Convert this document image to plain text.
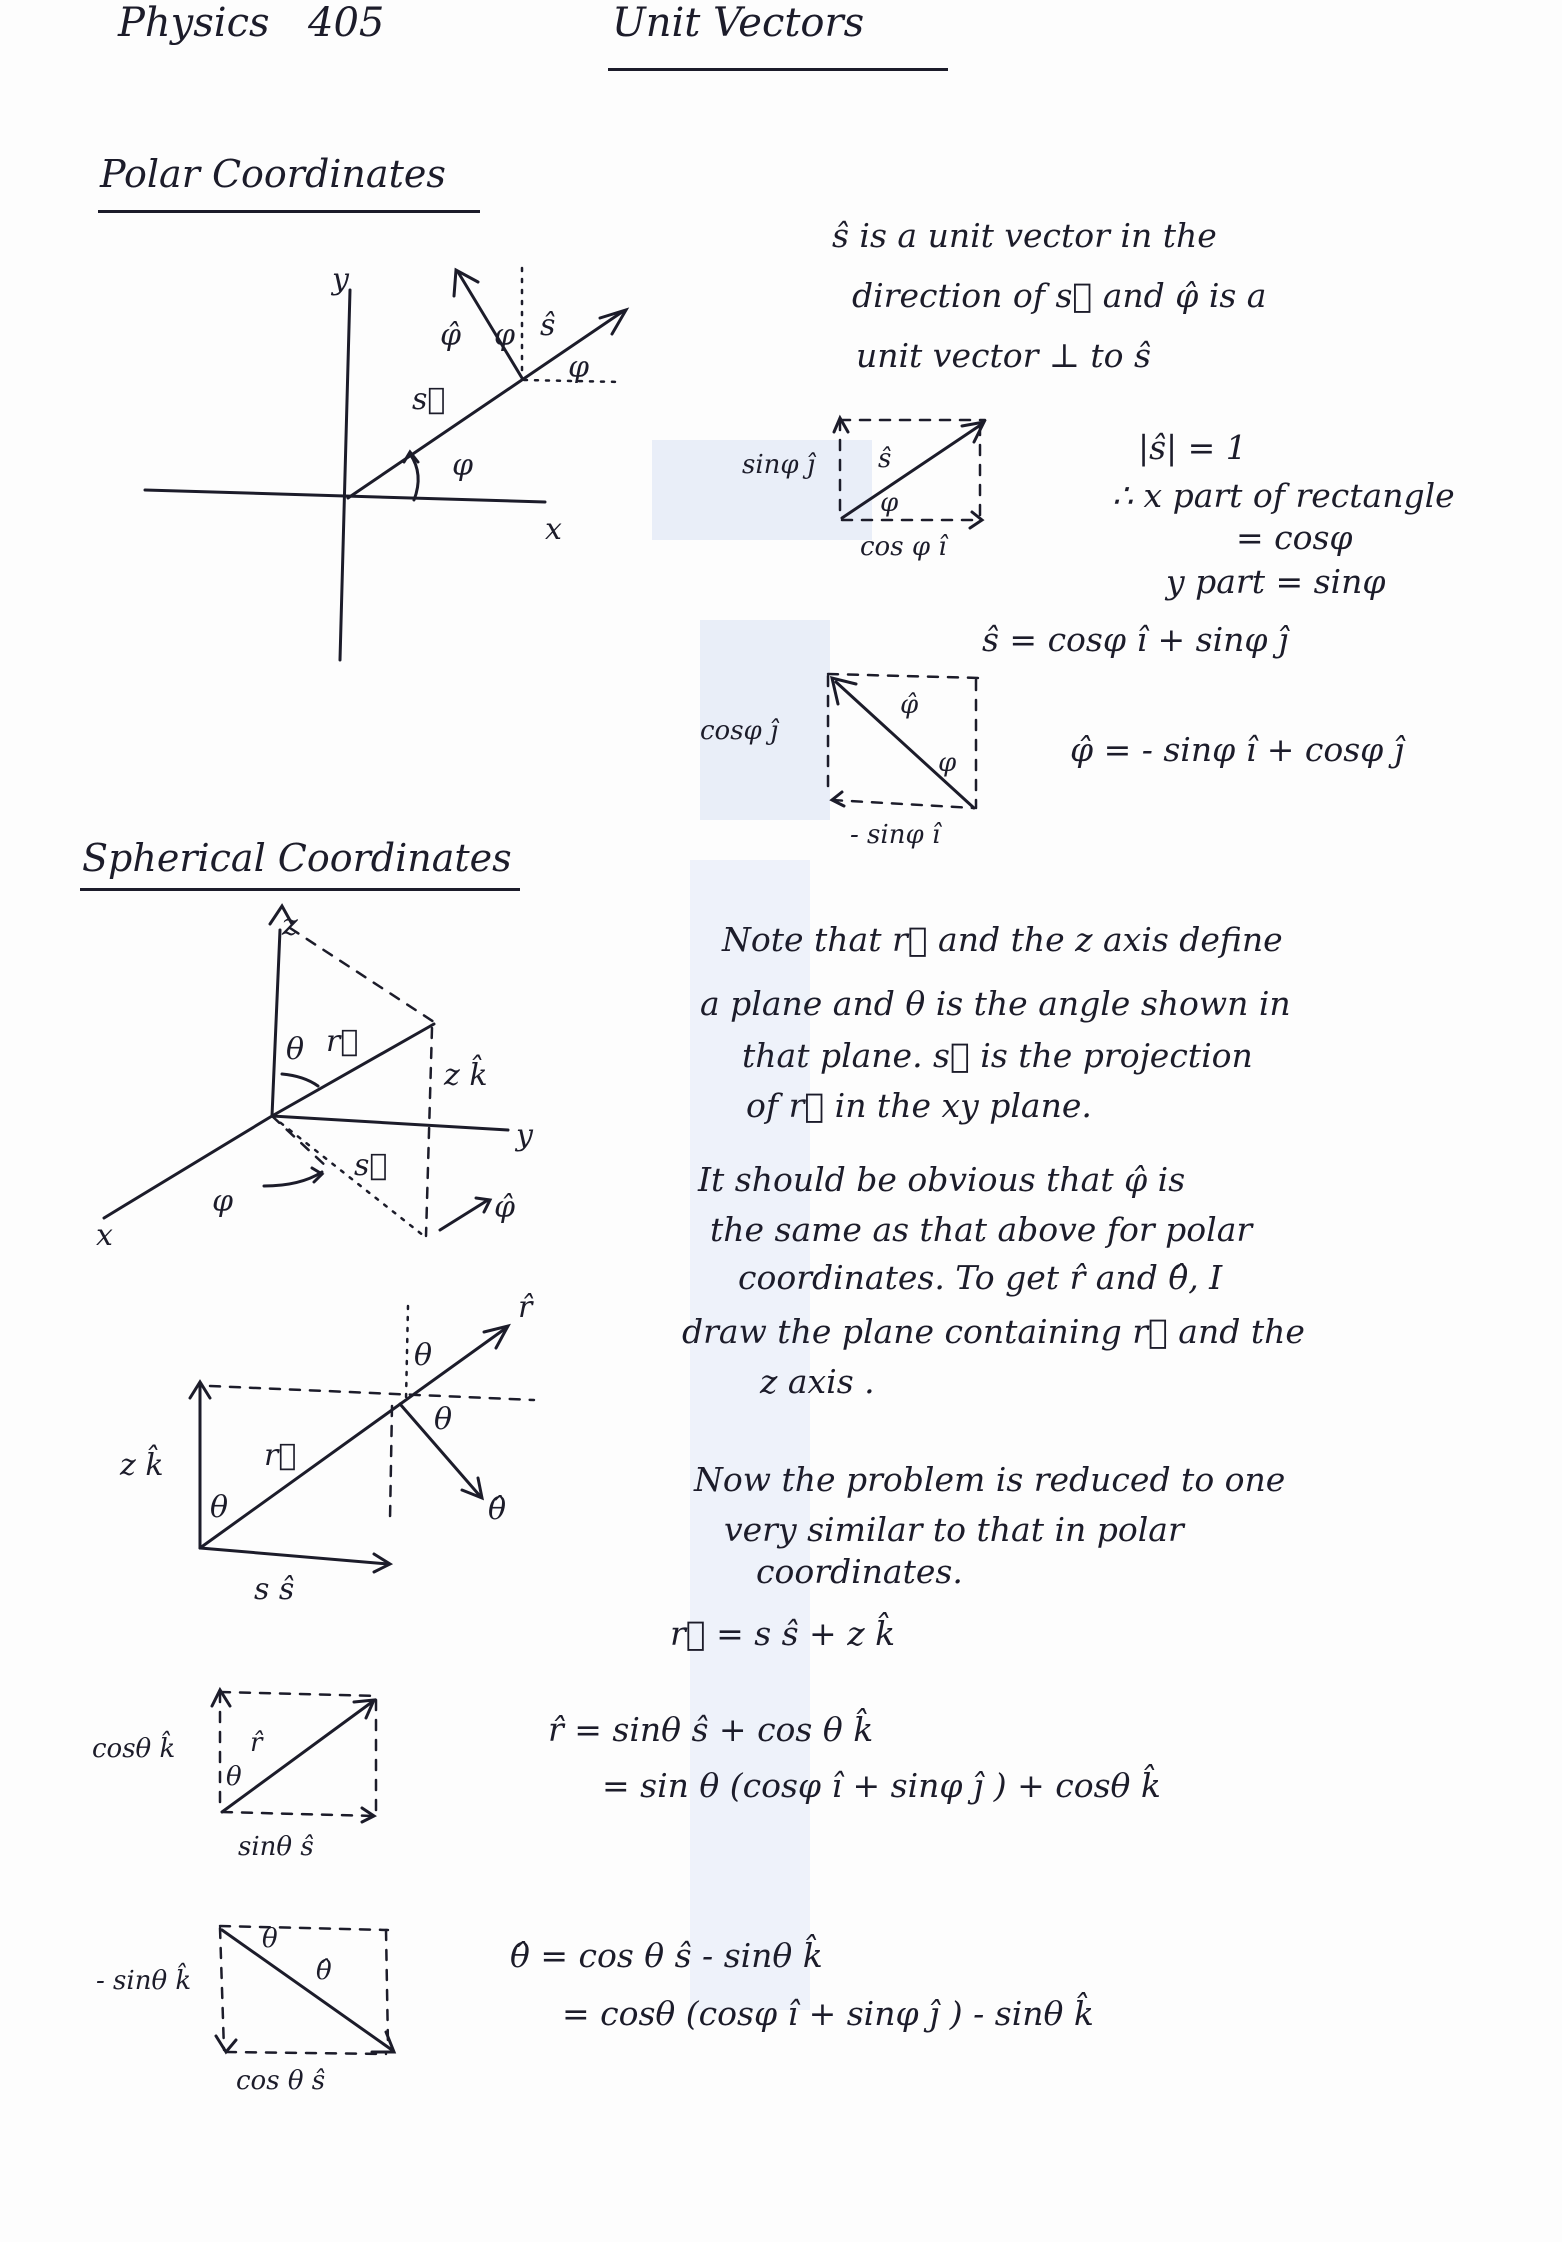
Physics 405	Unit Vectors
Polar Coordinates
x
y
φ
s⃗
φ̂ φ ŝ
φ
ŝ is a unit vector in the
direction of s⃗ and φ̂ is a
unit vector ⊥ to ŝ
sinφ ĵ
cos φ î
ŝ
φ
|ŝ| = 1
∴ x part of rectangle
= cosφ
y part = sinφ
ŝ = cosφ î + sinφ ĵ
cosφ ĵ
- sinφ î
φ̂
φ	φ̂ = - sinφ î + cosφ ĵ
Spherical Coordinates
z
y
x
θ r⃗
z k̂
φ
s⃗
φ̂
Note that r⃗ and the z axis define
a plane and θ is the angle shown in
that plane. s⃗ is the projection
of r⃗ in the xy plane.
It should be obvious that φ̂ is
the same as that above for polar
coordinates. To get r̂ and θ̂, I
draw the plane containing r⃗ and the
z axis .
z k̂	r⃗
r̂
θ
θ
θ
θ̂
s ŝ
Now the problem is reduced to one
very similar to that in polar
coordinates.
r⃗ = s ŝ + z k̂
cosθ k̂
sinθ ŝ
r̂
θ
r̂ = sinθ ŝ + cos θ k̂
= sin θ (cosφ î + sinφ ĵ ) + cosθ k̂
- sinθ k̂
cos θ ŝ
θ̂
θ	θ̂ = cos θ ŝ - sinθ k̂
= cosθ (cosφ î + sinφ ĵ ) - sinθ k̂
